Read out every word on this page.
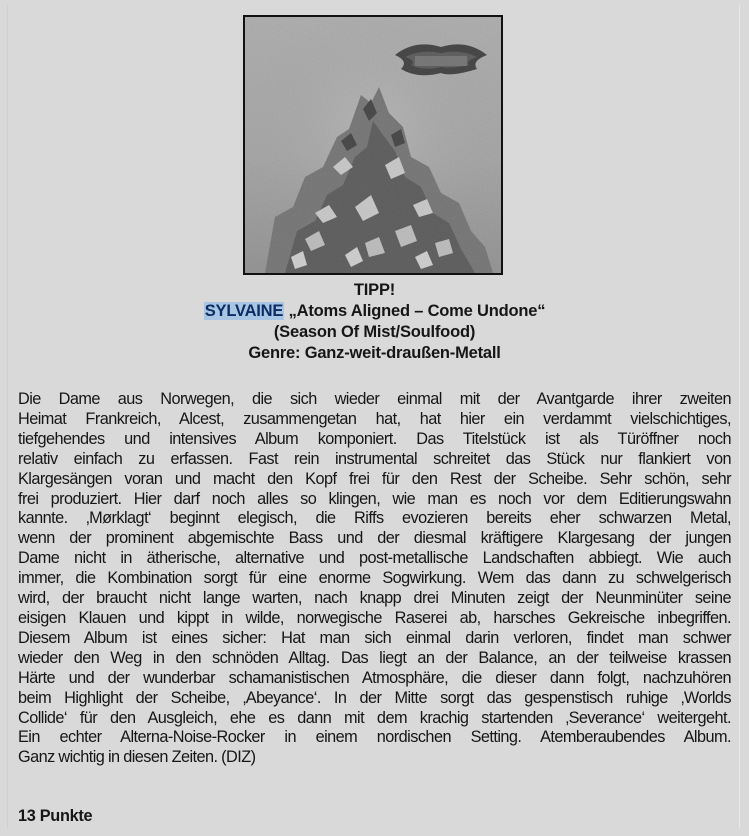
TIPP!
SYLVAINE „Atoms Aligned – Come Undone“
(Season Of Mist/Soulfood)
Genre: Ganz-weit-draußen-Metall
Die Dame aus Norwegen, die sich wieder einmal mit der Avantgarde ihrer zweiten
Heimat Frankreich, Alcest, zusammengetan hat, hat hier ein verdammt vielschichtiges,
tiefgehendes und intensives Album komponiert. Das Titelstück ist als Türöffner noch
relativ einfach zu erfassen. Fast rein instrumental schreitet das Stück nur flankiert von
Klargesängen voran und macht den Kopf frei für den Rest der Scheibe. Sehr schön, sehr
frei produziert. Hier darf noch alles so klingen, wie man es noch vor dem Editierungswahn
kannte. ‚Mørklagt‘ beginnt elegisch, die Riffs evozieren bereits eher schwarzen Metal,
wenn der prominent abgemischte Bass und der diesmal kräftigere Klargesang der jungen
Dame nicht in ätherische, alternative und post-metallische Landschaften abbiegt. Wie auch
immer, die Kombination sorgt für eine enorme Sogwirkung. Wem das dann zu schwelgerisch
wird, der braucht nicht lange warten, nach knapp drei Minuten zeigt der Neunminüter seine
eisigen Klauen und kippt in wilde, norwegische Raserei ab, harsches Gekreische inbegriffen.
Diesem Album ist eines sicher: Hat man sich einmal darin verloren, findet man schwer
wieder den Weg in den schnöden Alltag. Das liegt an der Balance, an der teilweise krassen
Härte und der wunderbar schamanistischen Atmosphäre, die dieser dann folgt, nachzuhören
beim Highlight der Scheibe, ‚Abeyance‘. In der Mitte sorgt das gespenstisch ruhige ‚Worlds
Collide‘ für den Ausgleich, ehe es dann mit dem krachig startenden ‚Severance‘ weitergeht.
Ein echter Alterna-Noise-Rocker in einem nordischen Setting. Atemberaubendes Album.
Ganz wichtig in diesen Zeiten. (DIZ)
13 Punkte
